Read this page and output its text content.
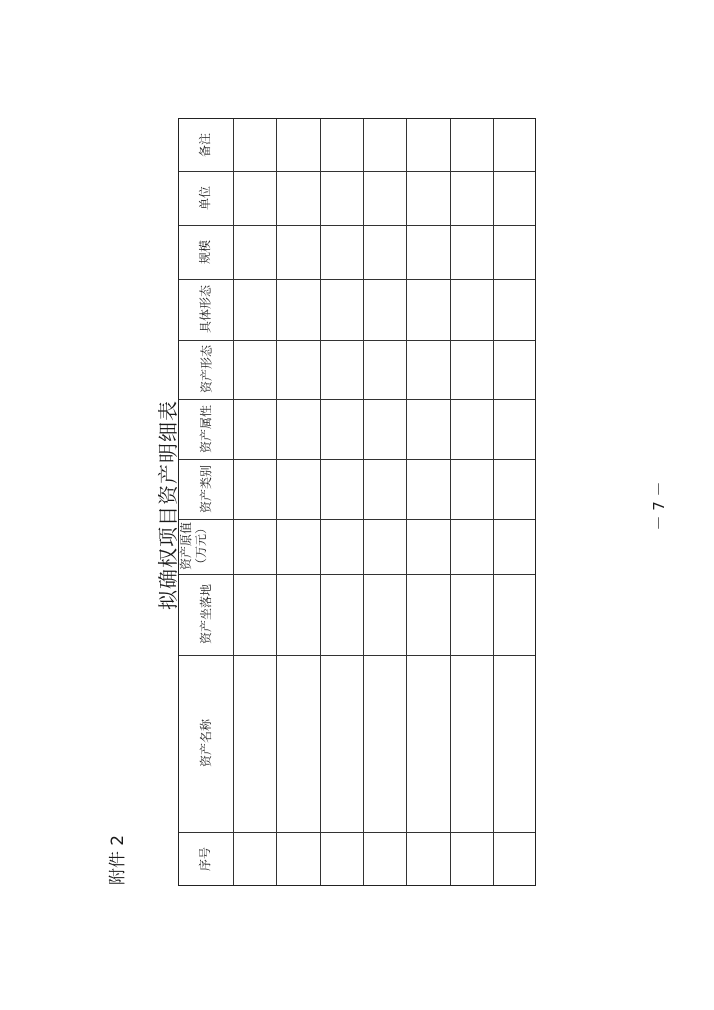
附件 2
拟确权项目资产明细表	－ 7 －
备注
单位
规模
具体形态
资产形态
资产属性
资产类别
资产原值（万元）
资产坐落地
资产名称
序号
